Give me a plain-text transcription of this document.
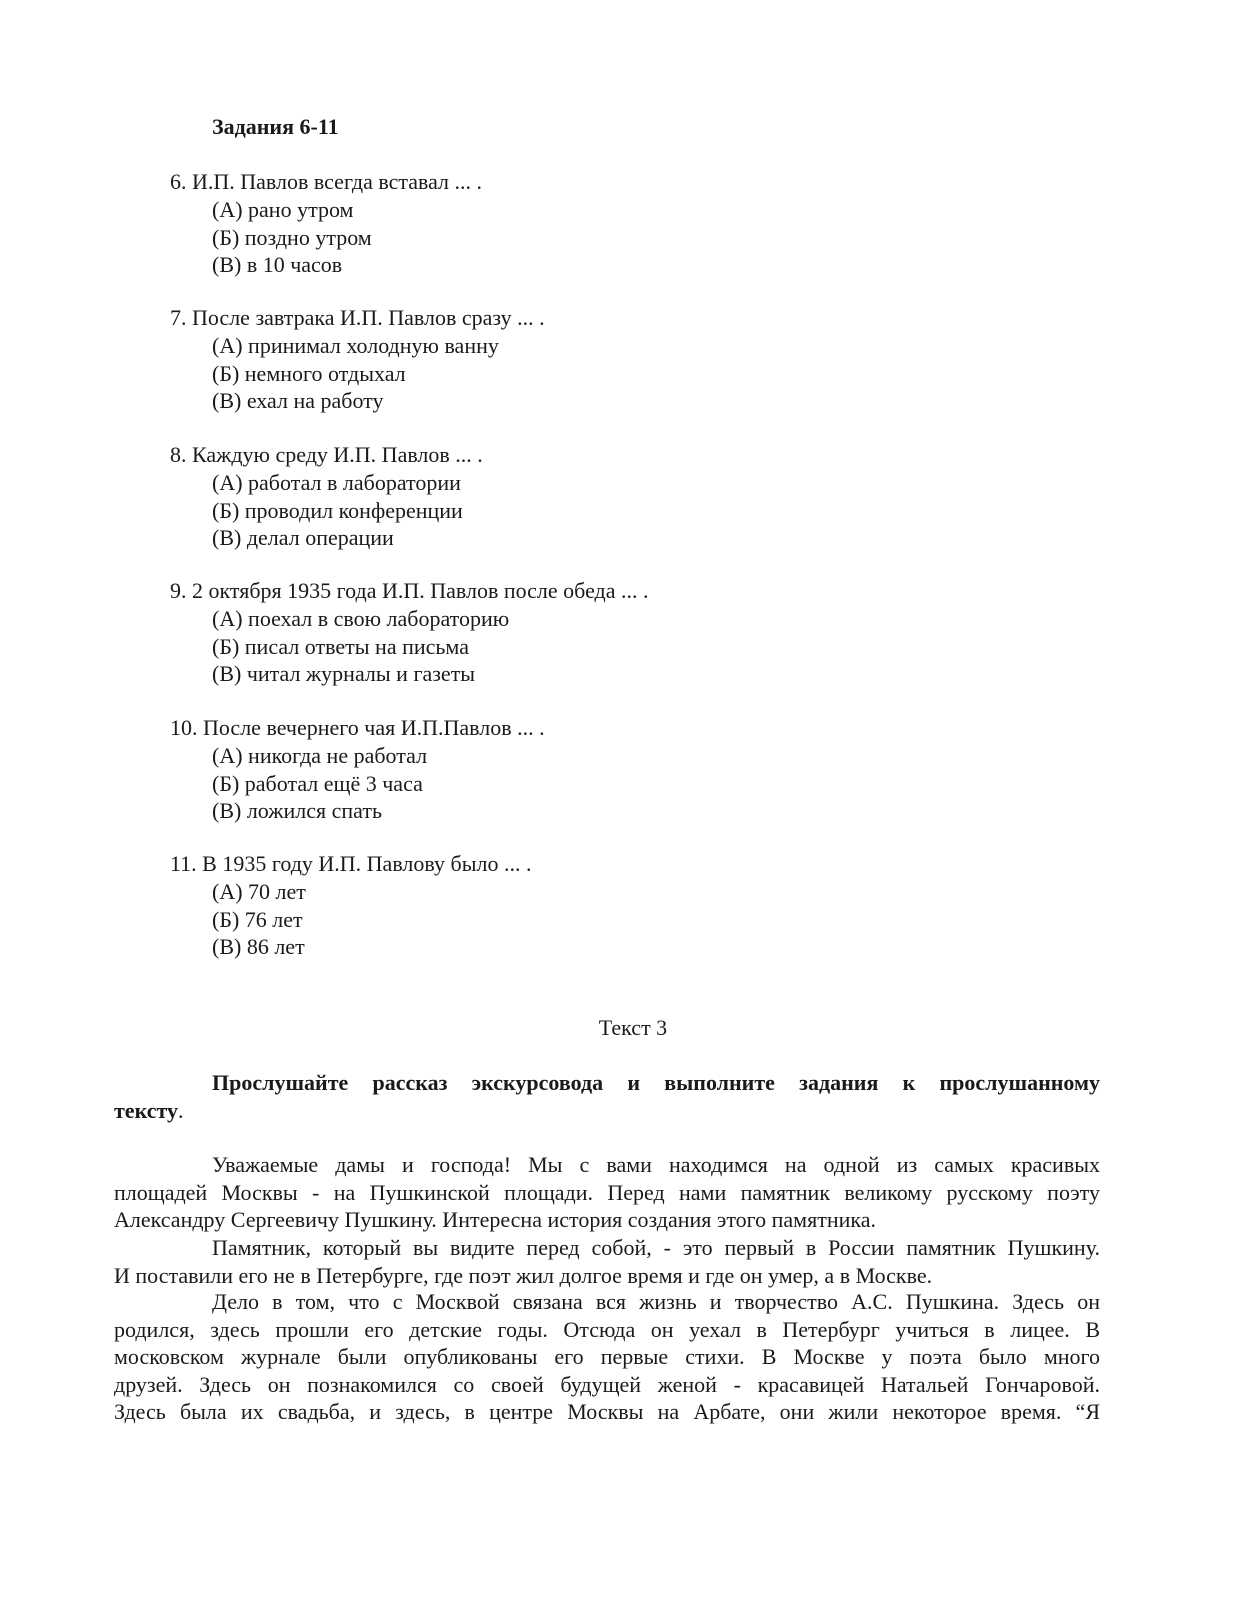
Задания 6-11
6. И.П. Павлов всегда вставал ... .
(А) рано утром
(Б) поздно утром
(В) в 10 часов
7. После завтрака И.П. Павлов сразу ... .
(А) принимал холодную ванну
(Б) немного отдыхал
(В) ехал на работу
8. Каждую среду И.П. Павлов ... .
(А) работал в лаборатории
(Б) проводил конференции
(В) делал операции
9. 2 октября 1935 года И.П. Павлов после обеда ... .
(А) поехал в свою лабораторию
(Б) писал ответы на письма
(В) читал журналы и газеты
10. После вечернего чая И.П.Павлов ... .
(А) никогда не работал
(Б) работал ещё 3 часа
(В) ложился спать
11. В 1935 году И.П. Павлову было ... .
(А) 70 лет
(Б) 76 лет
(В) 86 лет
Текст 3
Прослушайте рассказ экскурсовода и выполните задания к прослушанному
тексту.
Уважаемые дамы и господа! Мы с вами находимся на одной из самых красивых
площадей Москвы - на Пушкинской площади. Перед нами памятник великому русскому поэту
Александру Сергеевичу Пушкину. Интересна история создания этого памятника.
Памятник, который вы видите перед собой, - это первый в России памятник Пушкину.
И поставили его не в Петербурге, где поэт жил долгое время и где он умер, а в Москве.
Дело в том, что с Москвой связана вся жизнь и творчество А.С. Пушкина. Здесь он
родился, здесь прошли его детские годы. Отсюда он уехал в Петербург учиться в лицее. В
московском журнале были опубликованы его первые стихи. В Москве у поэта было много
друзей. Здесь он познакомился со своей будущей женой - красавицей Натальей Гончаровой.
Здесь была их свадьба, и здесь, в центре Москвы на Арбате, они жили некоторое время. “Я
